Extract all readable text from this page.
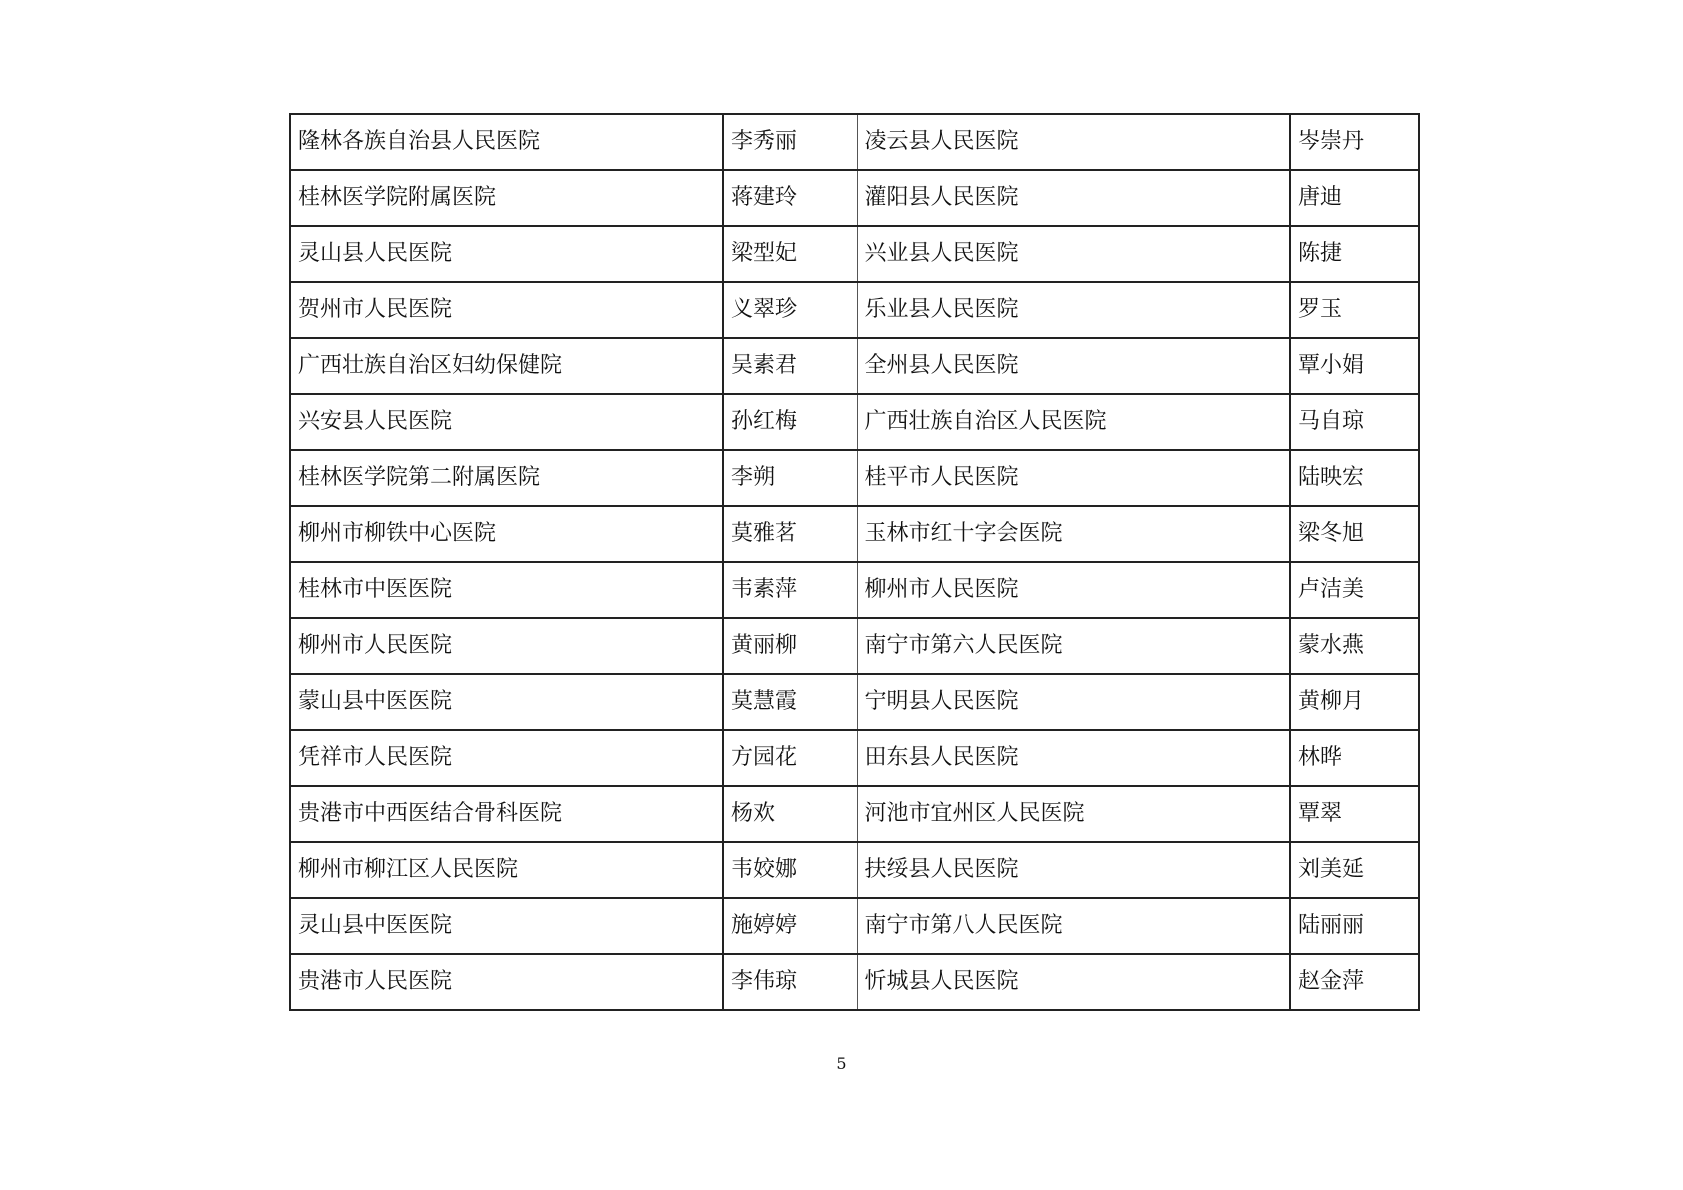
隆林各族自治县人民医院	李秀丽	凌云县人民医院	岑崇丹
桂林医学院附属医院	蒋建玲	灌阳县人民医院	唐迪
灵山县人民医院	梁型妃	兴业县人民医院	陈捷
贺州市人民医院	义翠珍	乐业县人民医院	罗玉
广西壮族自治区妇幼保健院	吴素君	全州县人民医院	覃小娟
兴安县人民医院	孙红梅	广西壮族自治区人民医院	马自琼
桂林医学院第二附属医院	李朔	桂平市人民医院	陆映宏
柳州市柳铁中心医院	莫雅茗	玉林市红十字会医院	梁冬旭
桂林市中医医院	韦素萍	柳州市人民医院	卢洁美
柳州市人民医院	黄丽柳	南宁市第六人民医院	蒙水燕
蒙山县中医医院	莫慧霞	宁明县人民医院	黄柳月
凭祥市人民医院	方园花	田东县人民医院	林晔
贵港市中西医结合骨科医院	杨欢	河池市宜州区人民医院	覃翠
柳州市柳江区人民医院	韦姣娜	扶绥县人民医院	刘美延
灵山县中医医院	施婷婷	南宁市第八人民医院	陆丽丽
贵港市人民医院	李伟琼	忻城县人民医院	赵金萍
5
